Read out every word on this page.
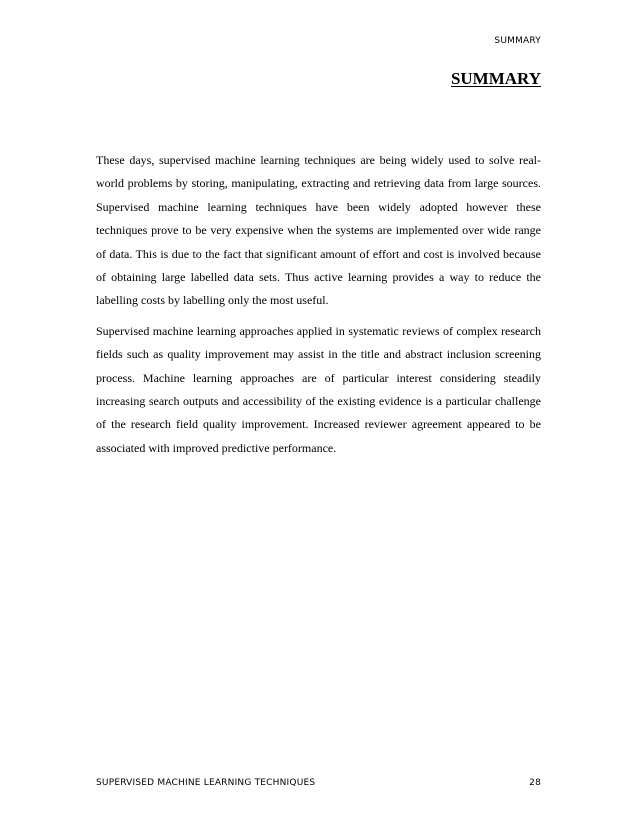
SUMMARY
SUMMARY

These days, supervised machine learning techniques are being widely used to solve real-world problems by storing, manipulating, extracting and retrieving data from large sources. Supervised machine learning techniques have been widely adopted however these techniques prove to be very expensive when the systems are implemented over wide range of data. This is due to the fact that significant amount of effort and cost is involved because of obtaining large labelled data sets. Thus active learning provides a way to reduce the labelling costs by labelling only the most useful.

Supervised machine learning approaches applied in systematic reviews of complex research fields such as quality improvement may assist in the title and abstract inclusion screening process. Machine learning approaches are of particular interest considering steadily increasing search outputs and accessibility of the existing evidence is a particular challenge of the research field quality improvement. Increased reviewer agreement appeared to be associated with improved predictive performance.

SUPERVISED MACHINE LEARNING TECHNIQUES	28
